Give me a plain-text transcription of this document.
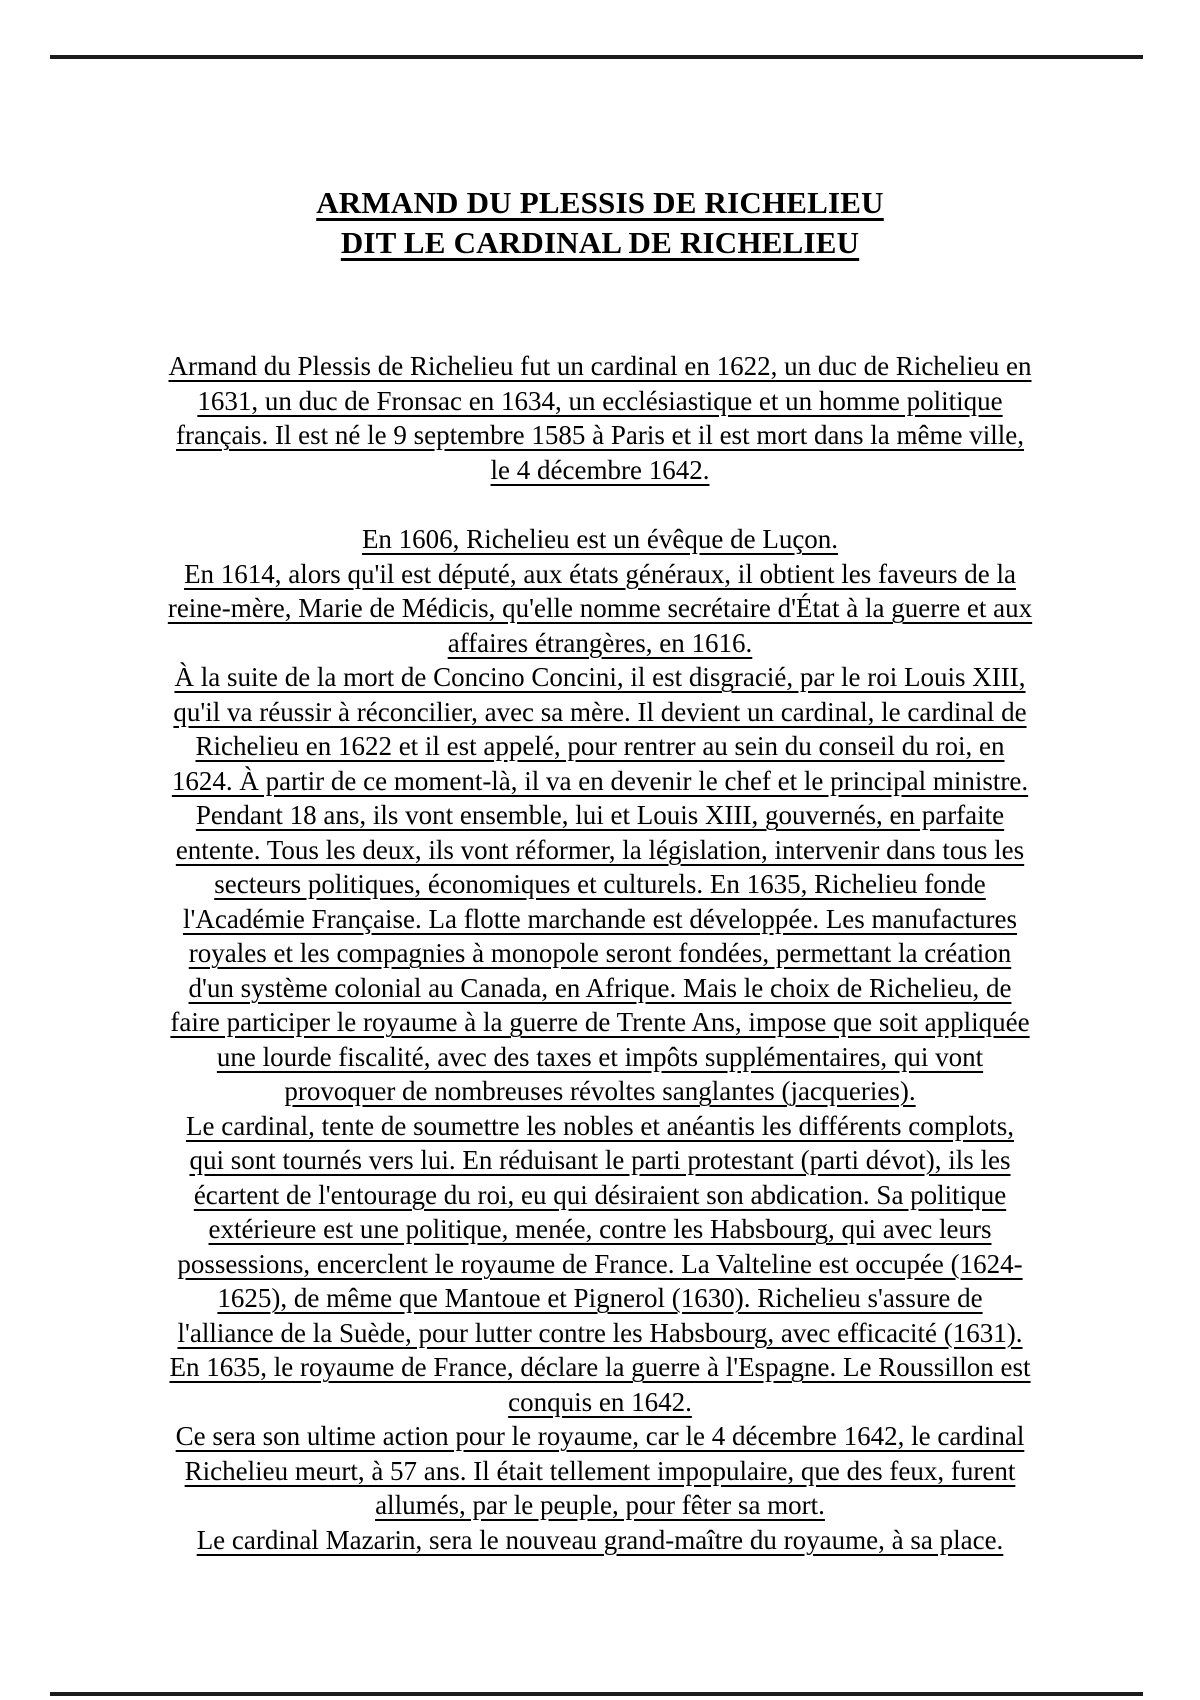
ARMAND DU PLESSIS DE RICHELIEU
DIT LE CARDINAL DE RICHELIEU
Armand du Plessis de Richelieu fut un cardinal en 1622, un duc de Richelieu en
1631, un duc de Fronsac en 1634, un ecclésiastique et un homme politique
français. Il est né le 9 septembre 1585 à Paris et il est mort dans la même ville,
le 4 décembre 1642.
En 1606, Richelieu est un évêque de Luçon.
En 1614, alors qu'il est député, aux états généraux, il obtient les faveurs de la
reine-mère, Marie de Médicis, qu'elle nomme secrétaire d'État à la guerre et aux
affaires étrangères, en 1616.
À la suite de la mort de Concino Concini, il est disgracié, par le roi Louis XIII,
qu'il va réussir à réconcilier, avec sa mère. Il devient un cardinal, le cardinal de
Richelieu en 1622 et il est appelé, pour rentrer au sein du conseil du roi, en
1624. À partir de ce moment-là, il va en devenir le chef et le principal ministre.
Pendant 18 ans, ils vont ensemble, lui et Louis XIII, gouvernés, en parfaite
entente. Tous les deux, ils vont réformer, la législation, intervenir dans tous les
secteurs politiques, économiques et culturels. En 1635, Richelieu fonde
l'Académie Française. La flotte marchande est développée. Les manufactures
royales et les compagnies à monopole seront fondées, permettant la création
d'un système colonial au Canada, en Afrique. Mais le choix de Richelieu, de
faire participer le royaume à la guerre de Trente Ans, impose que soit appliquée
une lourde fiscalité, avec des taxes et impôts supplémentaires, qui vont
provoquer de nombreuses révoltes sanglantes (jacqueries).
Le cardinal, tente de soumettre les nobles et anéantis les différents complots,
qui sont tournés vers lui. En réduisant le parti protestant (parti dévot), ils les
écartent de l'entourage du roi, eu qui désiraient son abdication. Sa politique
extérieure est une politique, menée, contre les Habsbourg, qui avec leurs
possessions, encerclent le royaume de France. La Valteline est occupée (1624-
1625), de même que Mantoue et Pignerol (1630). Richelieu s'assure de
l'alliance de la Suède, pour lutter contre les Habsbourg, avec efficacité (1631).
En 1635, le royaume de France, déclare la guerre à l'Espagne. Le Roussillon est
conquis en 1642.
Ce sera son ultime action pour le royaume, car le 4 décembre 1642, le cardinal
Richelieu meurt, à 57 ans. Il était tellement impopulaire, que des feux, furent
allumés, par le peuple, pour fêter sa mort.
Le cardinal Mazarin, sera le nouveau grand-maître du royaume, à sa place.
